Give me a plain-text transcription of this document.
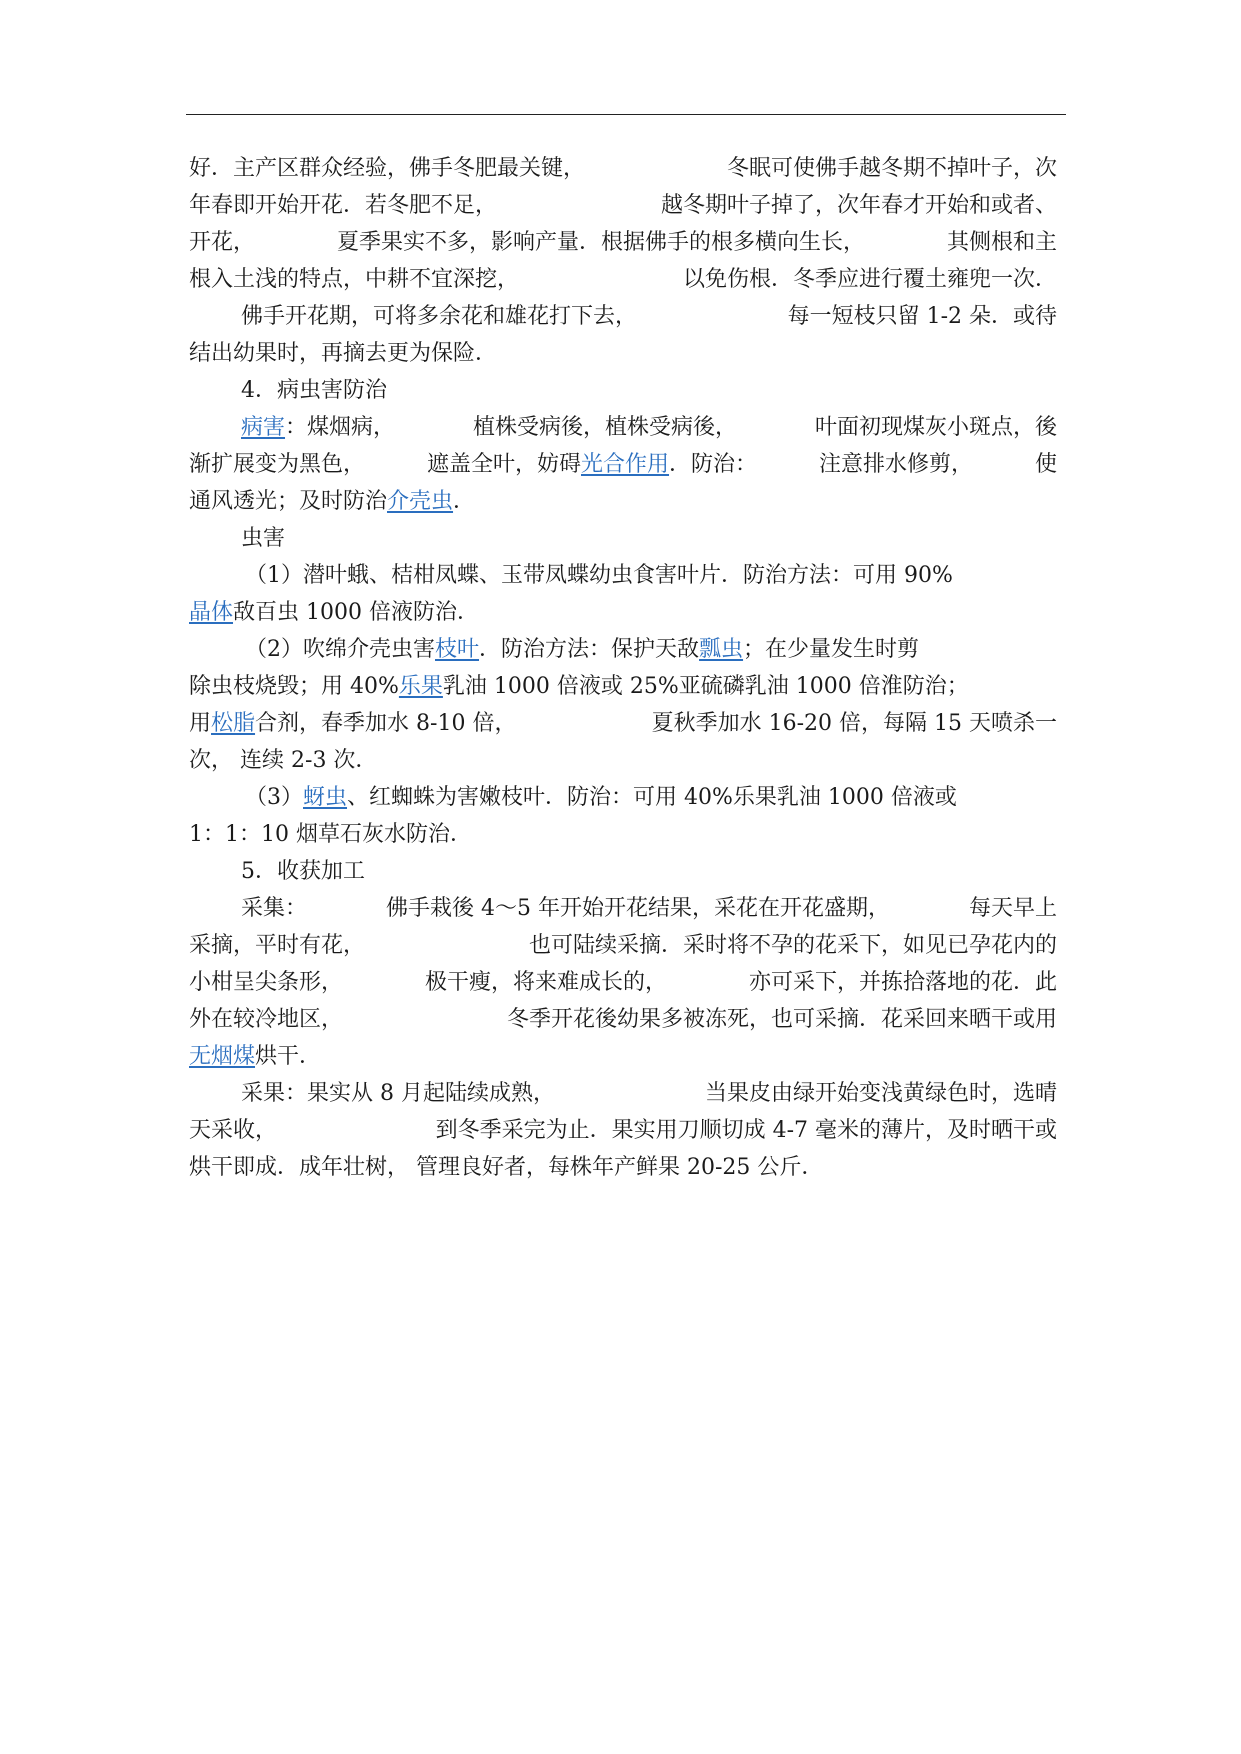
好．主产区群众经验，佛手冬肥最关键，	冬眠可使佛手越冬期不掉叶子，次
年春即开始开花．若冬肥不足，	越冬期叶子掉了，次年春才开始和或者、
开花，	夏季果实不多，影响产量．根据佛手的根多横向生长，	其侧根和主
根入土浅的特点，中耕不宜深挖，	以免伤根．冬季应进行覆土雍兜一次．
佛手开花期，可将多余花和雄花打下去，	每一短枝只留 1-2 朵．或待
结出幼果时，再摘去更为保险．
4．病虫害防治
病害：煤烟病，	植株受病後，植株受病後，	叶面初现煤灰小斑点，後
渐扩展变为黑色，	遮盖全叶，妨碍光合作用．防治：	注意排水修剪，	使
通风透光；及时防治介壳虫．
虫害
（1）潜叶蛾、桔柑凤蝶、玉带凤蝶幼虫食害叶片．防治方法：可用 90%
晶体敌百虫 1000 倍液防治．
（2）吹绵介壳虫害枝叶．防治方法：保护天敌瓢虫；在少量发生时剪
除虫枝烧毁；用 40%乐果乳油 1000 倍液或 25%亚硫磷乳油 1000 倍淮防治；
用松脂合剂，春季加水 8-10 倍，	夏秋季加水 16-20 倍，每隔 15 天喷杀一
次， 连续 2-3 次．
（3）蚜虫、红蜘蛛为害嫩枝叶．防治：可用 40%乐果乳油 1000 倍液或
1：1：10 烟草石灰水防治．
5．收获加工
采集：	佛手栽後 4～5 年开始开花结果，采花在开花盛期，	每天早上
采摘，平时有花，	也可陆续采摘．采时将不孕的花采下，如见已孕花内的
小柑呈尖条形，	极干瘦，将来难成长的，	亦可采下，并拣拾落地的花．此
外在较冷地区，	冬季开花後幼果多被冻死，也可采摘．花采回来晒干或用
无烟煤烘干．
采果：果实从 8 月起陆续成熟，	当果皮由绿开始变浅黄绿色时，选晴
天采收，	到冬季采完为止．果实用刀顺切成 4-7 毫米的薄片，及时晒干或
烘干即成．成年壮树， 管理良好者，每株年产鲜果 20-25 公斤．
